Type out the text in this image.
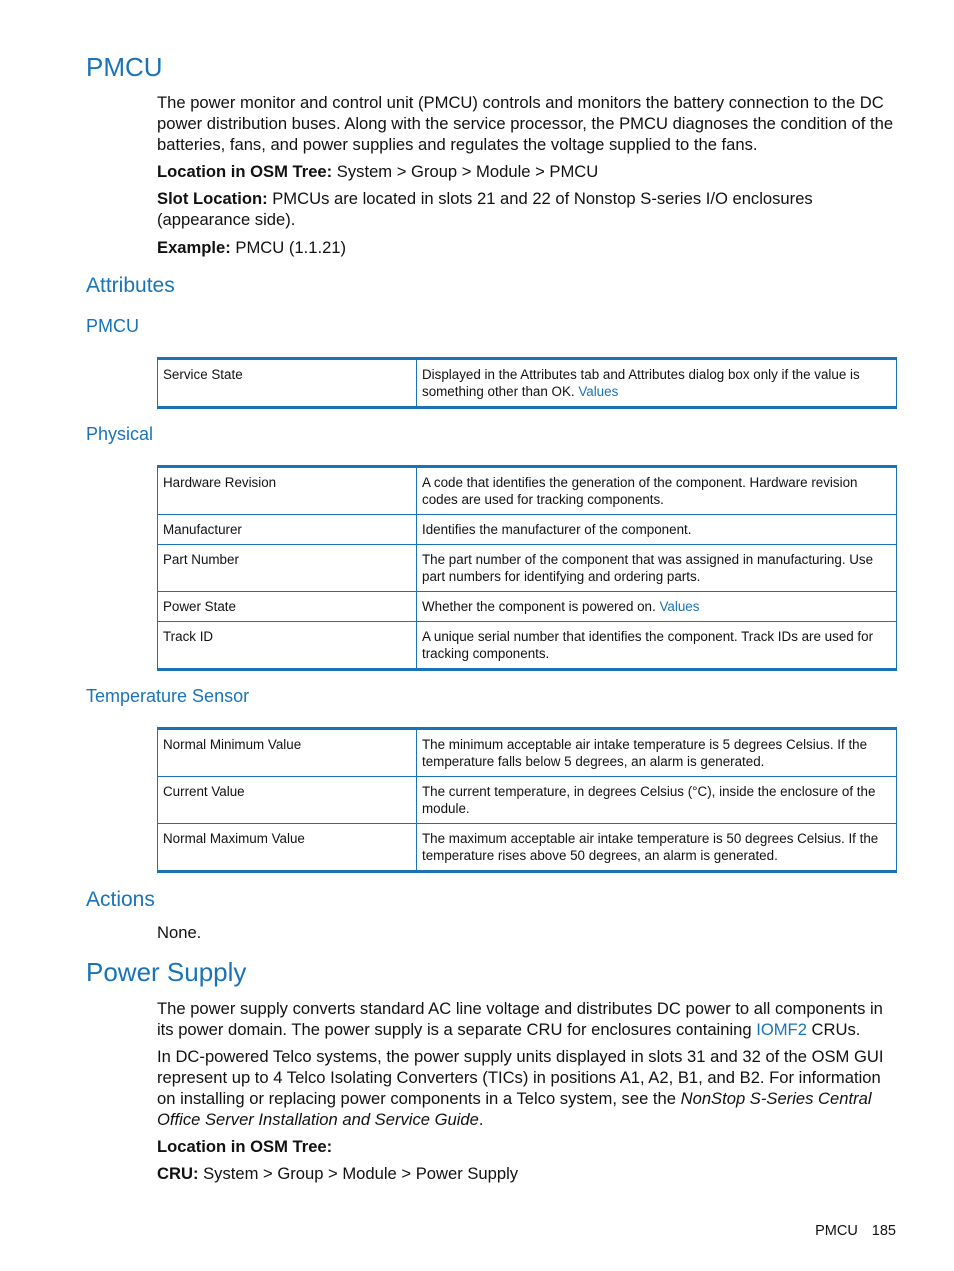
PMCU

The power monitor and control unit (PMCU) controls and monitors the battery connection to the DC power distribution buses. Along with the service processor, the PMCU diagnoses the condition of the batteries, fans, and power supplies and regulates the voltage supplied to the fans.

Location in OSM Tree: System > Group > Module > PMCU

Slot Location: PMCUs are located in slots 21 and 22 of Nonstop S-series I/O enclosures (appearance side).

Example: PMCU (1.1.21)

Attributes
PMCU
Service State	Displayed in the Attributes tab and Attributes dialog box only if the value is something other than OK. Values
Physical
Hardware Revision	A code that identifies the generation of the component. Hardware revision codes are used for tracking components.
Manufacturer	Identifies the manufacturer of the component.
Part Number	The part number of the component that was assigned in manufacturing. Use part numbers for identifying and ordering parts.
Power State	Whether the component is powered on. Values
Track ID	A unique serial number that identifies the component. Track IDs are used for tracking components.
Temperature Sensor
Normal Minimum Value	The minimum acceptable air intake temperature is 5 degrees Celsius. If the temperature falls below 5 degrees, an alarm is generated.
Current Value	The current temperature, in degrees Celsius (°C), inside the enclosure of the module.
Normal Maximum Value	The maximum acceptable air intake temperature is 50 degrees Celsius. If the temperature rises above 50 degrees, an alarm is generated.
Actions

None.

Power Supply

The power supply converts standard AC line voltage and distributes DC power to all components in its power domain. The power supply is a separate CRU for enclosures containing IOMF2 CRUs.

In DC-powered Telco systems, the power supply units displayed in slots 31 and 32 of the OSM GUI represent up to 4 Telco Isolating Converters (TICs) in positions A1, A2, B1, and B2. For information on installing or replacing power components in a Telco system, see the NonStop S-Series Central Office Server Installation and Service Guide.

Location in OSM Tree:

CRU: System > Group > Module > Power Supply

PMCU 185
